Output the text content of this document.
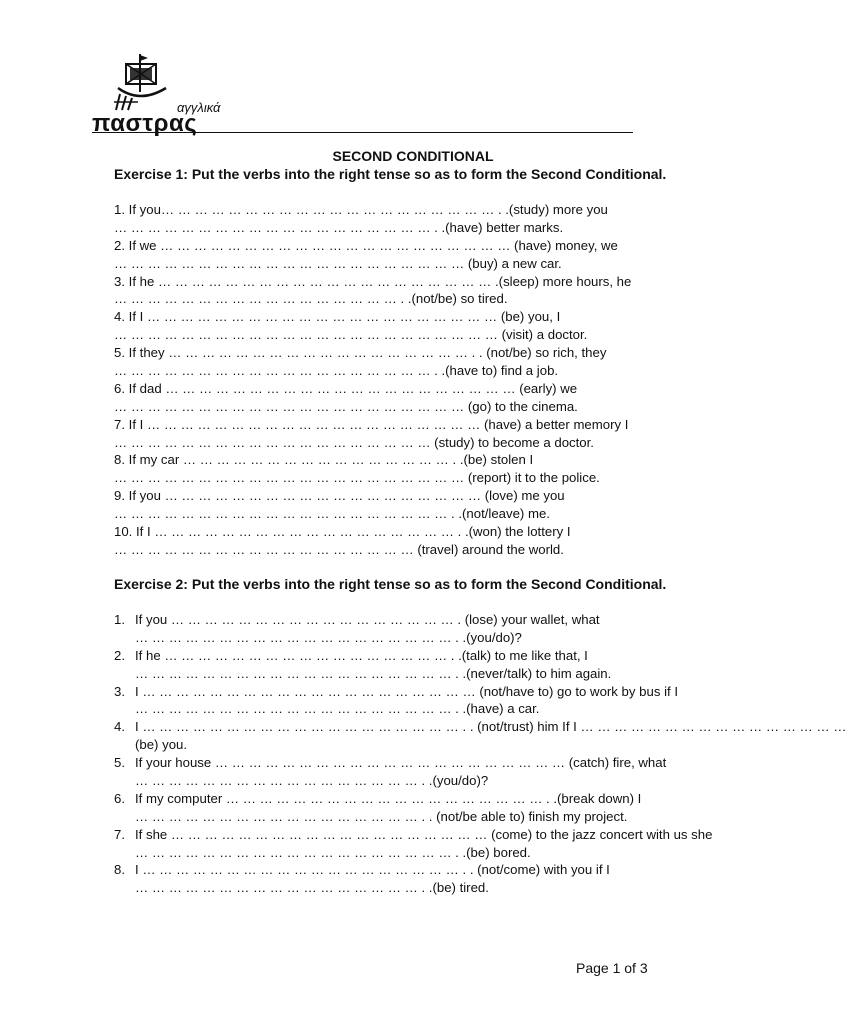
αγγλικά
παστρας
SECOND CONDITIONAL
Exercise 1: Put the verbs into the right tense so as to form the Second Conditional.
1. If you… … … … … … … … … … … … … … … … … … … … . .(study) more you
… … … … … … … … … … … … … … … … … … … . .(have) better marks.
2. If we … … … … … … … … … … … … … … … … … … … … … (have) money, we
… … … … … … … … … … … … … … … … … … … … … (buy) a new car.
3. If he … … … … … … … … … … … … … … … … … … … … .(sleep) more hours, he
… … … … … … … … … … … … … … … … … . .(not/be) so tired.
4. If I … … … … … … … … … … … … … … … … … … … … … (be) you, I
… … … … … … … … … … … … … … … … … … … … … … … (visit) a doctor.
5. If they … … … … … … … … … … … … … … … … … … . . (not/be) so rich, they
… … … … … … … … … … … … … … … … … … … . .(have to) find a job.
6. If dad … … … … … … … … … … … … … … … … … … … … … (early) we
… … … … … … … … … … … … … … … … … … … … … (go) to the cinema.
7. If I … … … … … … … … … … … … … … … … … … … … (have) a better memory I
… … … … … … … … … … … … … … … … … … … (study) to become a doctor.
8. If my car … … … … … … … … … … … … … … … … . .(be) stolen I
… … … … … … … … … … … … … … … … … … … … … (report) it to the police.
9. If you … … … … … … … … … … … … … … … … … … … (love) me you
… … … … … … … … … … … … … … … … … … … … . .(not/leave) me.
10. If I … … … … … … … … … … … … … … … … … … . .(won) the lottery I
… … … … … … … … … … … … … … … … … … (travel) around the world.
Exercise 2: Put the verbs into the right tense so as to form the Second Conditional.
1. If you … … … … … … … … … … … … … … … … … . (lose) your wallet, what
… … … … … … … … … … … … … … … … … … … . .(you/do)?
2. If he … … … … … … … … … … … … … … … … … . .(talk) to me like that, I
… … … … … … … … … … … … … … … … … … … . .(never/talk) to him again.
3. I … … … … … … … … … … … … … … … … … … … … (not/have to) go to work by bus if I
… … … … … … … … … … … … … … … … … … … . .(have) a car.
4. I … … … … … … … … … … … … … … … … … … … . . (not/trust) him If I … … … … … … … … … … … … … … … …
(be) you.
5. If your house … … … … … … … … … … … … … … … … … … … … … (catch) fire, what
… … … … … … … … … … … … … … … … … . .(you/do)?
6. If my computer … … … … … … … … … … … … … … … … … … … . .(break down) I
… … … … … … … … … … … … … … … … … . . (not/be able to) finish my project.
7. If she … … … … … … … … … … … … … … … … … … … (come) to the jazz concert with us she
… … … … … … … … … … … … … … … … … … … . .(be) bored.
8. I … … … … … … … … … … … … … … … … … … … . . (not/come) with you if I
… … … … … … … … … … … … … … … … … . .(be) tired.
Page 1 of 3
